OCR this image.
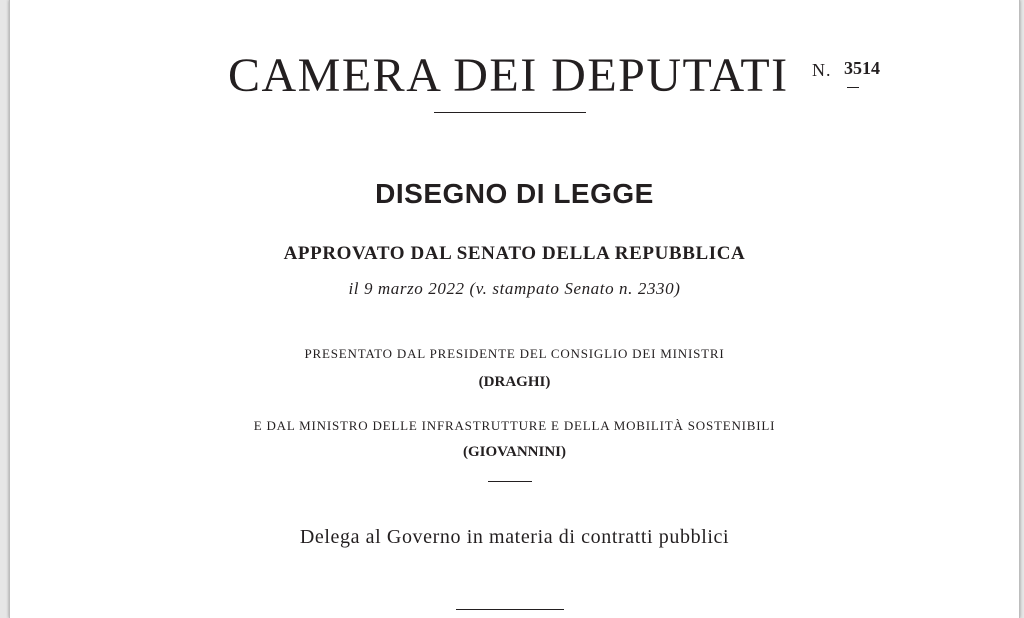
CAMERA DEI DEPUTATI N. 3514
DISEGNO DI LEGGE
APPROVATO DAL SENATO DELLA REPUBBLICA
il 9 marzo 2022 (v. stampato Senato n. 2330)
PRESENTATO DAL PRESIDENTE DEL CONSIGLIO DEI MINISTRI
(DRAGHI)
E DAL MINISTRO DELLE INFRASTRUTTURE E DELLA MOBILITÀ SOSTENIBILI
(GIOVANNINI)
Delega al Governo in materia di contratti pubblici
